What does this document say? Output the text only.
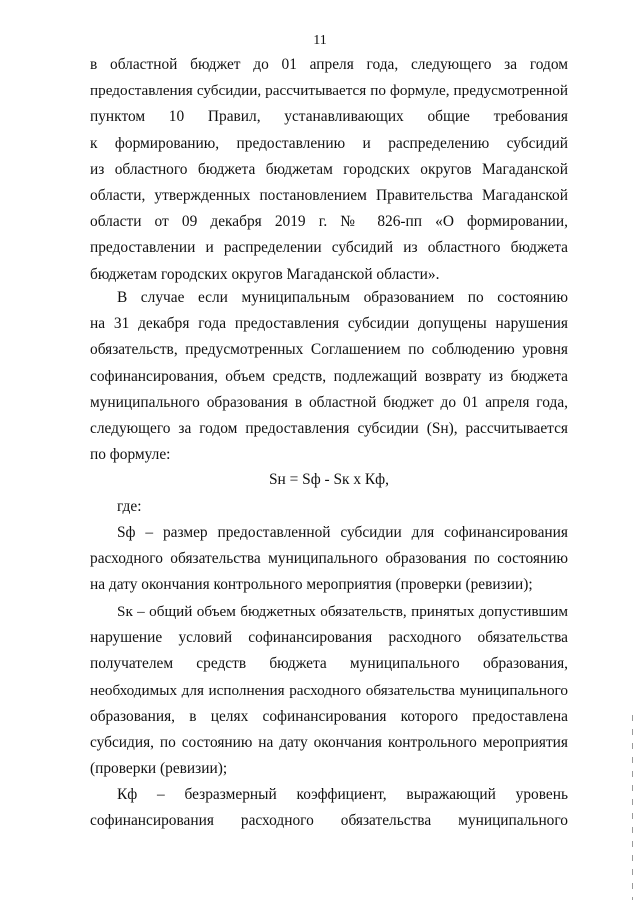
11
в областной бюджет до 01 апреля года, следующего за годом
предоставления субсидии, рассчитывается по формуле, предусмотренной
пунктом 10 Правил, устанавливающих общие требования
к формированию, предоставлению и распределению субсидий
из областного бюджета бюджетам городских округов Магаданской
области, утвержденных постановлением Правительства Магаданской
области от 09 декабря 2019 г. № 826-пп «О формировании,
предоставлении и распределении субсидий из областного бюджета
бюджетам городских округов Магаданской области».
В случае если муниципальным образованием по состоянию
на 31 декабря года предоставления субсидии допущены нарушения
обязательств, предусмотренных Соглашением по соблюдению уровня
софинансирования, объем средств, подлежащий возврату из бюджета
муниципального образования в областной бюджет до 01 апреля года,
следующего за годом предоставления субсидии (Sн), рассчитывается
по формуле:
Sн = Sф - Sк х Кф,
где:
Sф – размер предоставленной субсидии для софинансирования
расходного обязательства муниципального образования по состоянию
на дату окончания контрольного мероприятия (проверки (ревизии);
Sк – общий объем бюджетных обязательств, принятых допустившим
нарушение условий софинансирования расходного обязательства
получателем средств бюджета муниципального образования,
необходимых для исполнения расходного обязательства муниципального
образования, в целях софинансирования которого предоставлена
субсидия, по состоянию на дату окончания контрольного мероприятия
(проверки (ревизии);
Кф – безразмерный коэффициент, выражающий уровень
софинансирования расходного обязательства муниципального
